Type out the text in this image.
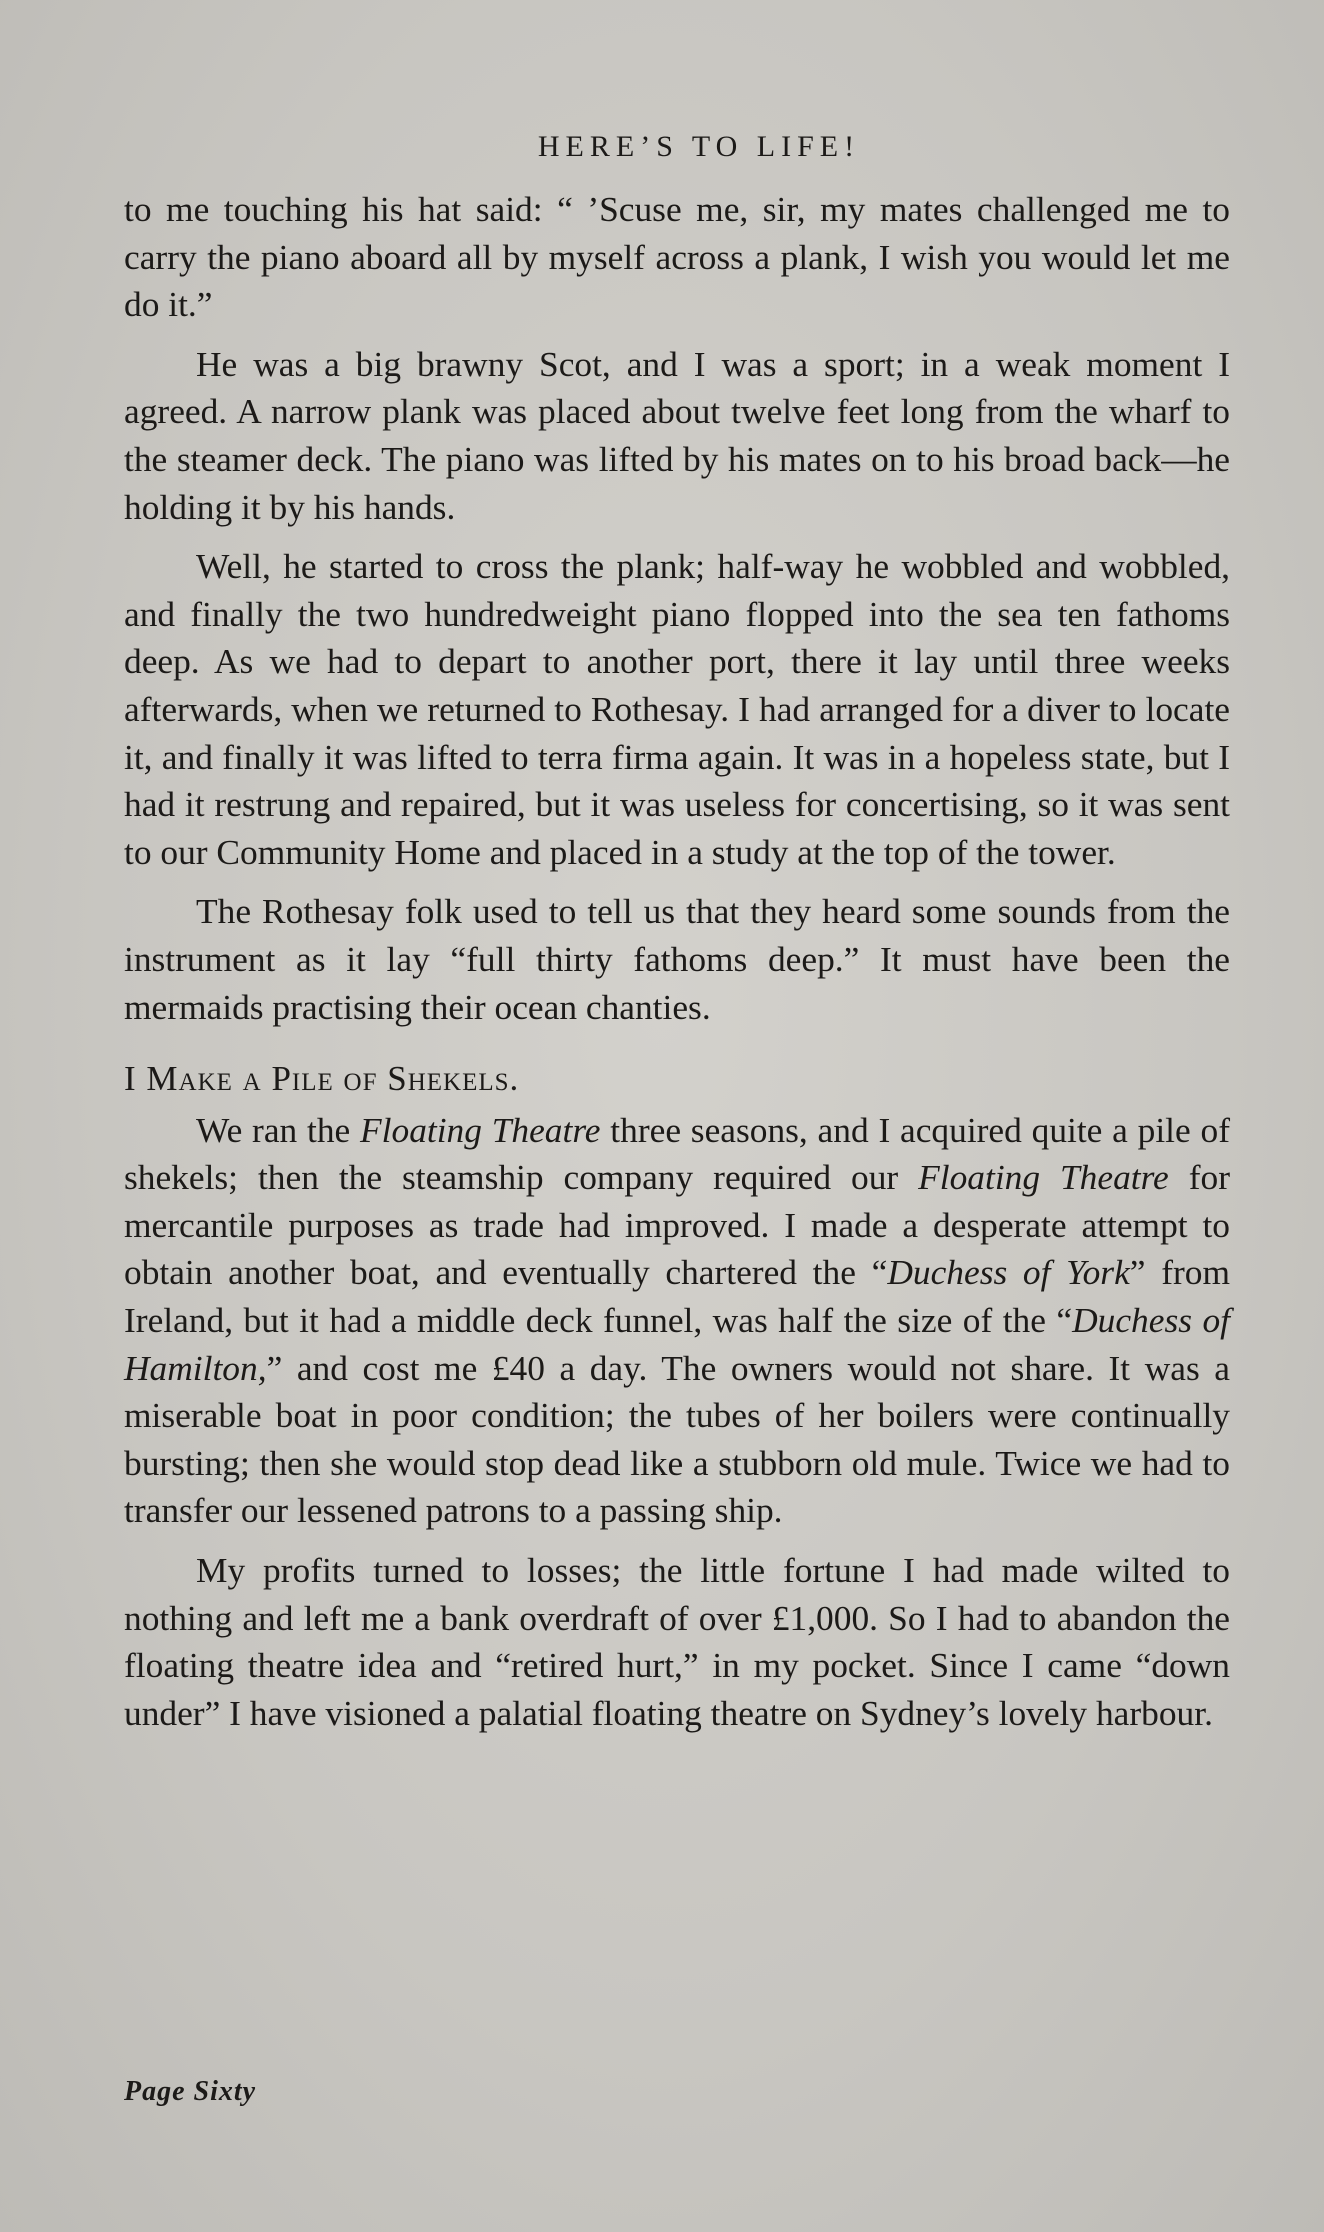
HERE’S TO LIFE!

to me touching his hat said: “ ’Scuse me, sir, my mates challenged me to carry the piano aboard all by myself across a plank, I wish you would let me do it.”

He was a big brawny Scot, and I was a sport; in a weak moment I agreed. A narrow plank was placed about twelve feet long from the wharf to the steamer deck. The piano was lifted by his mates on to his broad back—he holding it by his hands.

Well, he started to cross the plank; half-way he wobbled and wobbled, and finally the two hundredweight piano flopped into the sea ten fathoms deep. As we had to depart to another port, there it lay until three weeks afterwards, when we returned to Rothesay. I had arranged for a diver to locate it, and finally it was lifted to terra firma again. It was in a hopeless state, but I had it restrung and repaired, but it was useless for concertising, so it was sent to our Community Home and placed in a study at the top of the tower.

The Rothesay folk used to tell us that they heard some sounds from the instrument as it lay “full thirty fathoms deep.” It must have been the mermaids practising their ocean chanties.

I Make a Pile of Shekels.

We ran the Floating Theatre three seasons, and I acquired quite a pile of shekels; then the steamship company required our Floating Theatre for mercantile purposes as trade had improved. I made a desperate attempt to obtain another boat, and eventually chartered the “Duchess of York” from Ireland, but it had a middle deck funnel, was half the size of the “Duchess of Hamilton,” and cost me £40 a day. The owners would not share. It was a miserable boat in poor condition; the tubes of her boilers were continually bursting; then she would stop dead like a stubborn old mule. Twice we had to transfer our lessened patrons to a passing ship.

My profits turned to losses; the little fortune I had made wilted to nothing and left me a bank overdraft of over £1,000. So I had to abandon the floating theatre idea and “retired hurt,” in my pocket. Since I came “down under” I have visioned a palatial floating theatre on Sydney’s lovely harbour.

Page Sixty
